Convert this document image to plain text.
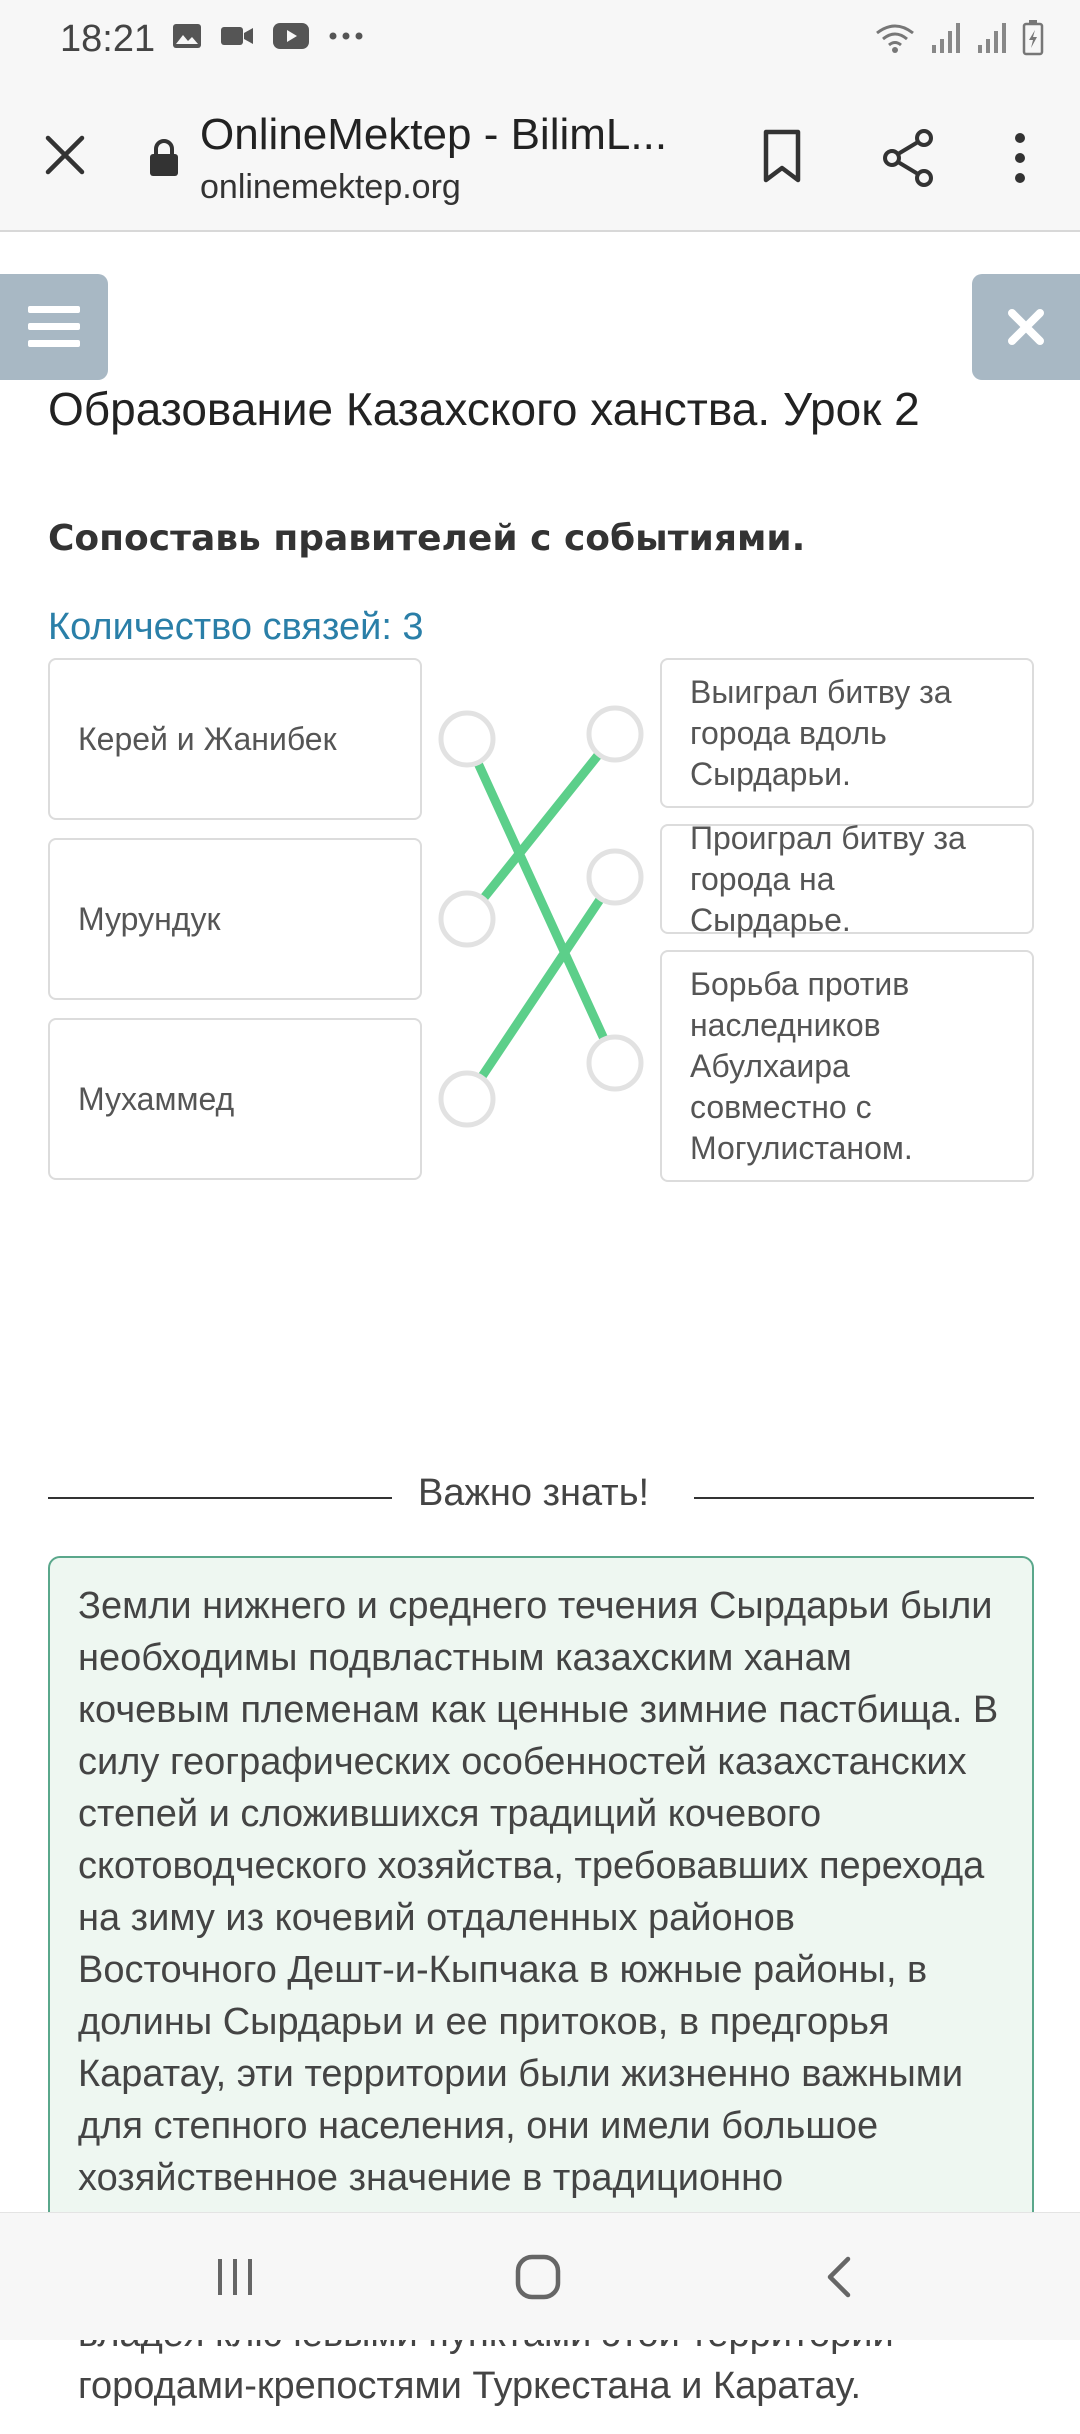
18:21
OnlineMektep - BilimL...
onlinemektep.org
Образование Казахского ханства. Урок 2
Сопоставь правителей с событиями.
Количество связей: 3
Керей и Жанибек
Мурундук
Мухаммед
Выиграл битву за города вдоль Сырдарьи.
Проиграл битву за города на Сырдарье.
Борьба против наследников Абулхаира совместно с Могулистаном.
Важно знать!
Земли нижнего и среднего течения Сырдарьи были необходимы подвластным казахским ханам кочевым племенам как ценные зимние пастбища. В силу географических особенностей казахстанских степей и сложившихся традиций кочевого скотоводческого хозяйства, требовавших перехода на зиму из кочевий отдаленных районов Восточного Дешт-и-Кыпчака в южные районы, в долины Сырдарьи и ее притоков, в предгорья Каратау, эти территории были жизненно важными для степного населения, они имели большое хозяйственное значение в традиционно городами-крепостями Туркестана и Каратау.
